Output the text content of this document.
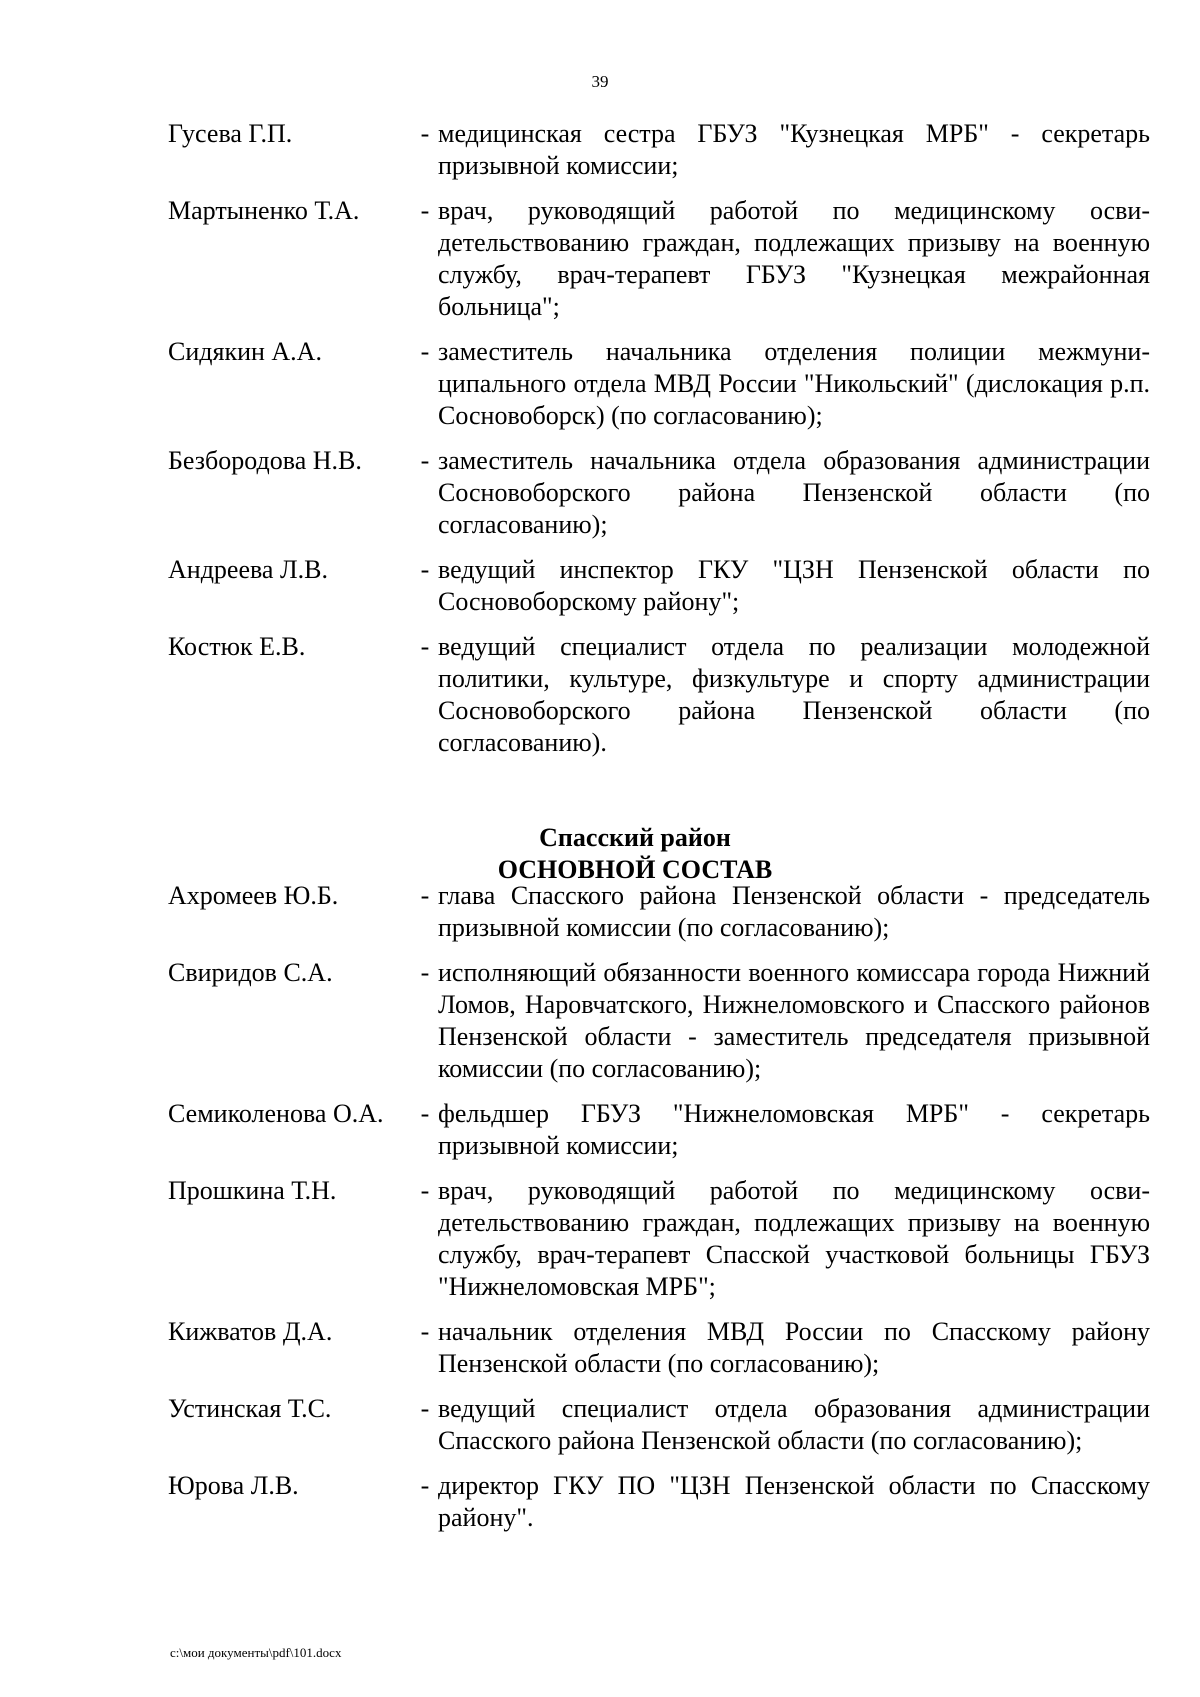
39
Гусева Г.П.	- медицинская сестра ГБУЗ "Кузнецкая МРБ" - секретарь призывной комиссии;
Мартыненко Т.А.	- врач, руководящий работой по медицинскому осви-детельствованию граждан, подлежащих призыву на военную службу, врач-терапевт ГБУЗ "Кузнецкая межрайонная больница";
Сидякин А.А.	- заместитель начальника отделения полиции межмуни-ципального отдела МВД России "Никольский" (дислокация р.п. Сосновоборск) (по согласованию);
Безбородова Н.В.	- заместитель начальника отдела образования администрации Сосновоборского района Пензенской области (по согласованию);
Андреева Л.В.	- ведущий инспектор ГКУ "ЦЗН Пензенской области по Сосновоборскому району";
Костюк Е.В.	- ведущий специалист отдела по реализации молодежной политики, культуре, физкультуре и спорту администрации Сосновоборского района Пензенской области (по согласованию).
Спасский район
ОСНОВНОЙ СОСТАВ
Ахромеев Ю.Б.	- глава Спасского района Пензенской области - председатель призывной комиссии (по согласованию);
Свиридов С.А.	- исполняющий обязанности военного комиссара города Нижний Ломов, Наровчатского, Нижнеломовского и Спасского районов Пензенской области - заместитель председателя призывной комиссии (по согласованию);
Семиколенова О.А.	- фельдшер ГБУЗ "Нижнеломовская МРБ" - секретарь призывной комиссии;
Прошкина Т.Н.	- врач, руководящий работой по медицинскому осви-детельствованию граждан, подлежащих призыву на военную службу, врач-терапевт Спасской участковой больницы ГБУЗ "Нижнеломовская МРБ";
Кижватов Д.А.	- начальник отделения МВД России по Спасскому району Пензенской области (по согласованию);
Устинская Т.С.	- ведущий специалист отдела образования администрации Спасского района Пензенской области (по согласованию);
Юрова Л.В.	- директор ГКУ ПО "ЦЗН Пензенской области по Спасскому району".
c:\мои документы\pdf\101.docx
